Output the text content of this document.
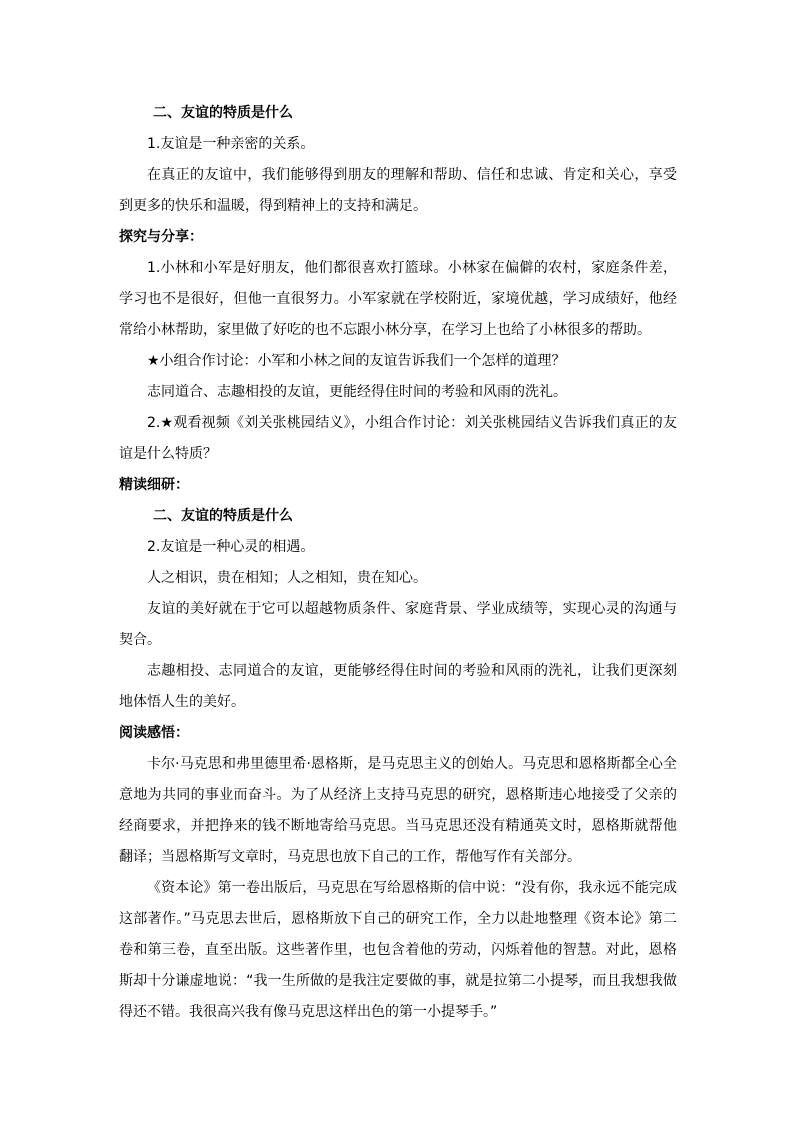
二、友谊的特质是什么

1.友谊是一种亲密的关系。

在真正的友谊中，我们能够得到朋友的理解和帮助、信任和忠诚、肯定和关心，享受到更多的快乐和温暖，得到精神上的支持和满足。

探究与分享：

1.小林和小军是好朋友，他们都很喜欢打篮球。小林家在偏僻的农村，家庭条件差，学习也不是很好，但他一直很努力。小军家就在学校附近，家境优越，学习成绩好，他经常给小林帮助，家里做了好吃的也不忘跟小林分享，在学习上也给了小林很多的帮助。

★小组合作讨论：小军和小林之间的友谊告诉我们一个怎样的道理？

志同道合、志趣相投的友谊，更能经得住时间的考验和风雨的洗礼。

2.★观看视频《刘关张桃园结义》，小组合作讨论：刘关张桃园结义告诉我们真正的友谊是什么特质？

精读细研：

二、友谊的特质是什么

2.友谊是一种心灵的相遇。

人之相识，贵在相知；人之相知，贵在知心。

友谊的美好就在于它可以超越物质条件、家庭背景、学业成绩等，实现心灵的沟通与契合。

志趣相投、志同道合的友谊，更能够经得住时间的考验和风雨的洗礼，让我们更深刻地体悟人生的美好。

阅读感悟：

卡尔·马克思和弗里德里希·恩格斯，是马克思主义的创始人。马克思和恩格斯都全心全意地为共同的事业而奋斗。为了从经济上支持马克思的研究，恩格斯违心地接受了父亲的经商要求，并把挣来的钱不断地寄给马克思。当马克思还没有精通英文时，恩格斯就帮他翻译；当恩格斯写文章时，马克思也放下自己的工作，帮他写作有关部分。

《资本论》第一卷出版后，马克思在写给恩格斯的信中说：“没有你，我永远不能完成这部著作。”马克思去世后，恩格斯放下自己的研究工作，全力以赴地整理《资本论》第二卷和第三卷，直至出版。这些著作里，也包含着他的劳动，闪烁着他的智慧。对此，恩格斯却十分谦虚地说：“我一生所做的是我注定要做的事，就是拉第二小提琴，而且我想我做得还不错。我很高兴我有像马克思这样出色的第一小提琴手。”
